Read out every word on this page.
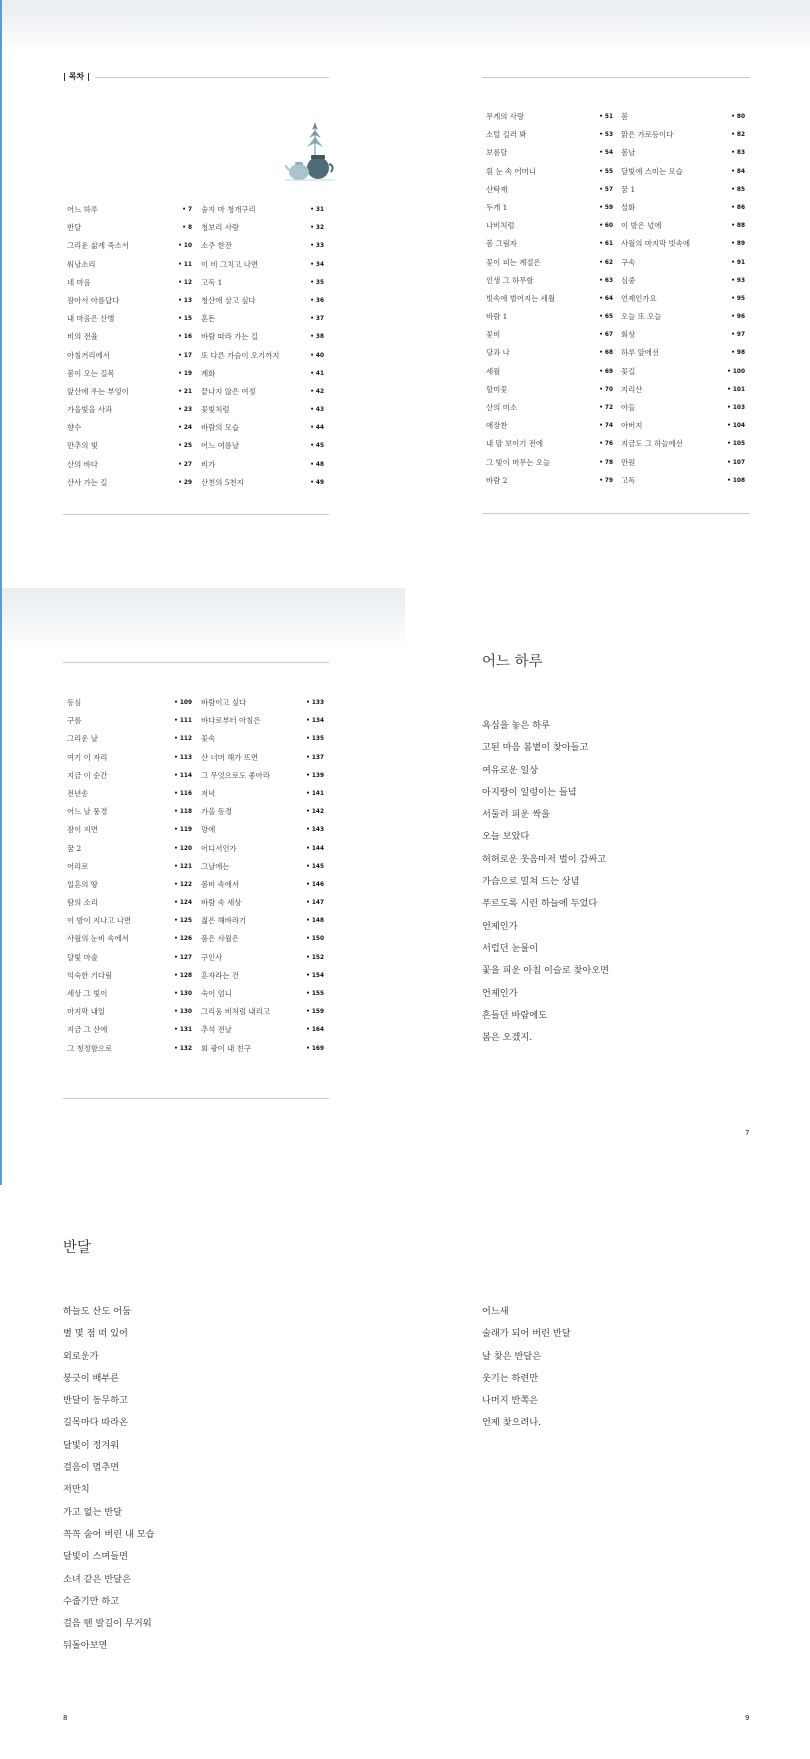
| 목차 |
어느 하루	• 7
반달	• 8
그리운 삶계 죽소서	• 10
워낭소리	• 11
네 마음	• 12
잠아서 아름답다	• 13
내 마음은 산병	• 15
비의 전율	• 16
아침거리에서	• 17
봄이 오는 길목	• 19
앞산에 우는 부엉이	• 21
가을빛을 사과	• 23
향수	• 24
만추의 빛	• 25
산의 바다	• 27
산사 가는 길	• 29
숨지 마 청개구리	• 31
청보리 사랑	• 32
소주 한잔	• 33
이 비 그치고 나면	• 34
고독 1	• 35
청산에 살고 싶다	• 36
혼돈	• 37
바람 따라 가는 길	• 38
또 다른 가슴이 오기까지	• 40
계화	• 41
끝나지 않은 여정	• 42
꽃빛처럼	• 43
바람의 모습	• 44
어느 여름날	• 45
비가	• 48
산천의 5천지	• 49
무게의 사랑	• 51
소털 길러 봐	• 53
보름달	• 54
흰 눈 속 어머니	• 55
산탁재	• 57
두개 1	• 59
나비처럼	• 60
봄 그림자	• 61
꽃이 피는 계절은	• 62
인생 그 하무함	• 63
빗속에 벌어지는 세월	• 64
바람 1	• 65
꽃비	• 67
당과 나	• 68
세월	• 69
할미꽃	• 70
산의 미소	• 72
애장찬	• 74
내 맘 보이기 전에	• 76
그 빛이 머무는 오늘	• 78
바람 2	• 79
봄	• 80
맑은 가로등이다	• 82
봄날	• 83
달빛에 스미는 모습	• 84
꿈 1	• 85
설화	• 86
이 밤은 넋에	• 88
사월의 마지막 빗속에	• 89
구속	• 91
심중	• 93
언제인가요	• 95
오늘 또 오늘	• 96
회상	• 97
하루 앞에선	• 98
꽃길	• 100
지리산	• 101
아들	• 103
아버지	• 104
지금도 그 하늘에선	• 105
만원	• 107
고독	• 108
동심	• 109
구름	• 111
그리운 날	• 112
여기 이 자리	• 113
지금 이 순간	• 114
전년송	• 116
어느 날 풍경	• 118
잠이 지면	• 119
꿈 2	• 120
어리로	• 121
일흔의 땅	• 122
탐의 소리	• 124
이 밤이 지나고 나면	• 125
사월의 눈비 속에서	• 126
달빛 마술	• 127
익숙한 기다림	• 128
세상 그 빛이	• 130
마지막 내일	• 130
지금 그 산에	• 131
그 청정함으로	• 132
바람이고 싶다	• 133
바다로부터 아침은	• 134
꽃속	• 135
산 너머 해가 뜨면	• 137
그 무엇으로도 좋아라	• 139
저녁	• 141
가을 동경	• 142
망에	• 143
어디서인가	• 144
그날에는	• 145
봄비 속에서	• 146
바람 속 세상	• 147
젊은 해바라기	• 148
품은 사월은	• 150
구인사	• 152
흔자라는 건	• 154
숙이 엄니	• 155
그리움 비처럼 내리고	• 159
추석 전날	• 164
회 광이 내 친구	• 169
어느 하루
욕심을 놓은 하루
고된 마음 봄볕이 찾아들고
여유로운 일상
아지랑이 일렁이는 들녘
서둘러 피운 싹을
오늘 보았다
허허로운 웃음마저 벌이 감싸고
가슴으로 밀쳐 드는 상념
푸르도록 시린 하늘에 두었다
언제인가
서럽던 눈물이
꽃을 피운 아침 이슬로 찾아오면
언제인가
흔들던 바람에도
봄은 오겠지.
7
반달
하늘도 산도 어둠
별 몇 점 떠 있어
외로운가
붕긋이 배부른
반달이 동무하고
길목마다 따라온
달빛이 정겨워
걸음이 멈추면
저만치
가고 없는 반달
꼭꼭 숨어 버린 내 모습
달빛이 스며들면
소녀 같은 반달은
수줍기만 하고
걸음 뗀 발길이 무거워
뒤돌아보면
어느새
술래가 되어 버린 반달
날 찾은 반달은
웃기는 하련만
나머지 반쪽은
언제 찾으려나.
8	9
